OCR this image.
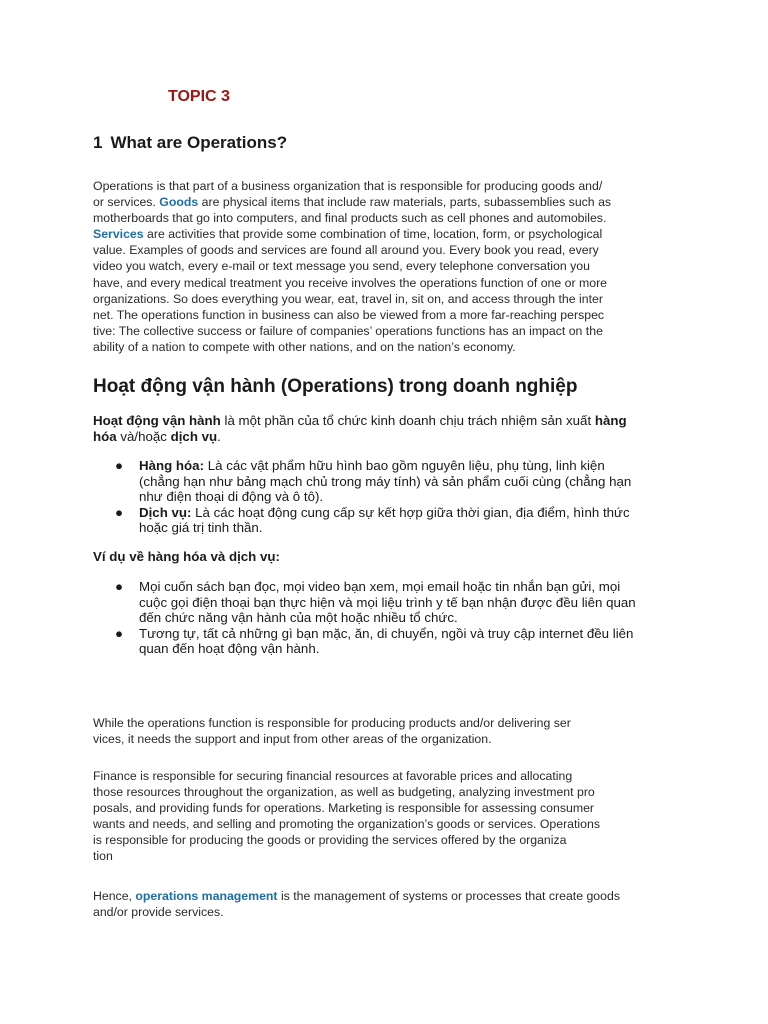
TOPIC 3
1 What are Operations?

Operations is that part of a business organization that is responsible for producing goods and/
or services. Goods are physical items that include raw materials, parts, subassemblies such as
motherboards that go into computers, and final products such as cell phones and automobiles.
Services are activities that provide some combination of time, location, form, or psychological
value. Examples of goods and services are found all around you. Every book you read, every
video you watch, every e-mail or text message you send, every telephone conversation you
have, and every medical treatment you receive involves the operations function of one or more
organizations. So does everything you wear, eat, travel in, sit on, and access through the inter
net. The operations function in business can also be viewed from a more far-reaching perspec
tive: The collective success or failure of companies’ operations functions has an impact on the
ability of a nation to compete with other nations, and on the nation’s economy.

Hoạt động vận hành (Operations) trong doanh nghiệp

Hoạt động vận hành là một phần của tổ chức kinh doanh chịu trách nhiệm sản xuất hàng
hóa và/hoặc dịch vụ.

● Hàng hóa: Là các vật phẩm hữu hình bao gồm nguyên liệu, phụ tùng, linh kiện
(chẳng hạn như bảng mạch chủ trong máy tính) và sản phẩm cuối cùng (chẳng hạn
như điện thoại di động và ô tô).
● Dịch vụ: Là các hoạt động cung cấp sự kết hợp giữa thời gian, địa điểm, hình thức
hoặc giá trị tinh thần.

Ví dụ về hàng hóa và dịch vụ:

● Mọi cuốn sách bạn đọc, mọi video bạn xem, mọi email hoặc tin nhắn bạn gửi, mọi
cuộc gọi điện thoại bạn thực hiện và mọi liệu trình y tế bạn nhận được đều liên quan
đến chức năng vận hành của một hoặc nhiều tổ chức.
● Tương tự, tất cả những gì bạn mặc, ăn, di chuyển, ngồi và truy cập internet đều liên
quan đến hoạt động vận hành.

While the operations function is responsible for producing products and/or delivering ser
vices, it needs the support and input from other areas of the organization.

Finance is responsible for securing financial resources at favorable prices and allocating
those resources throughout the organization, as well as budgeting, analyzing investment pro
posals, and providing funds for operations. Marketing is responsible for assessing consumer
wants and needs, and selling and promoting the organization’s goods or services. Operations
is responsible for producing the goods or providing the services offered by the organiza
tion

Hence, operations management is the management of systems or processes that create goods
and/or provide services.
